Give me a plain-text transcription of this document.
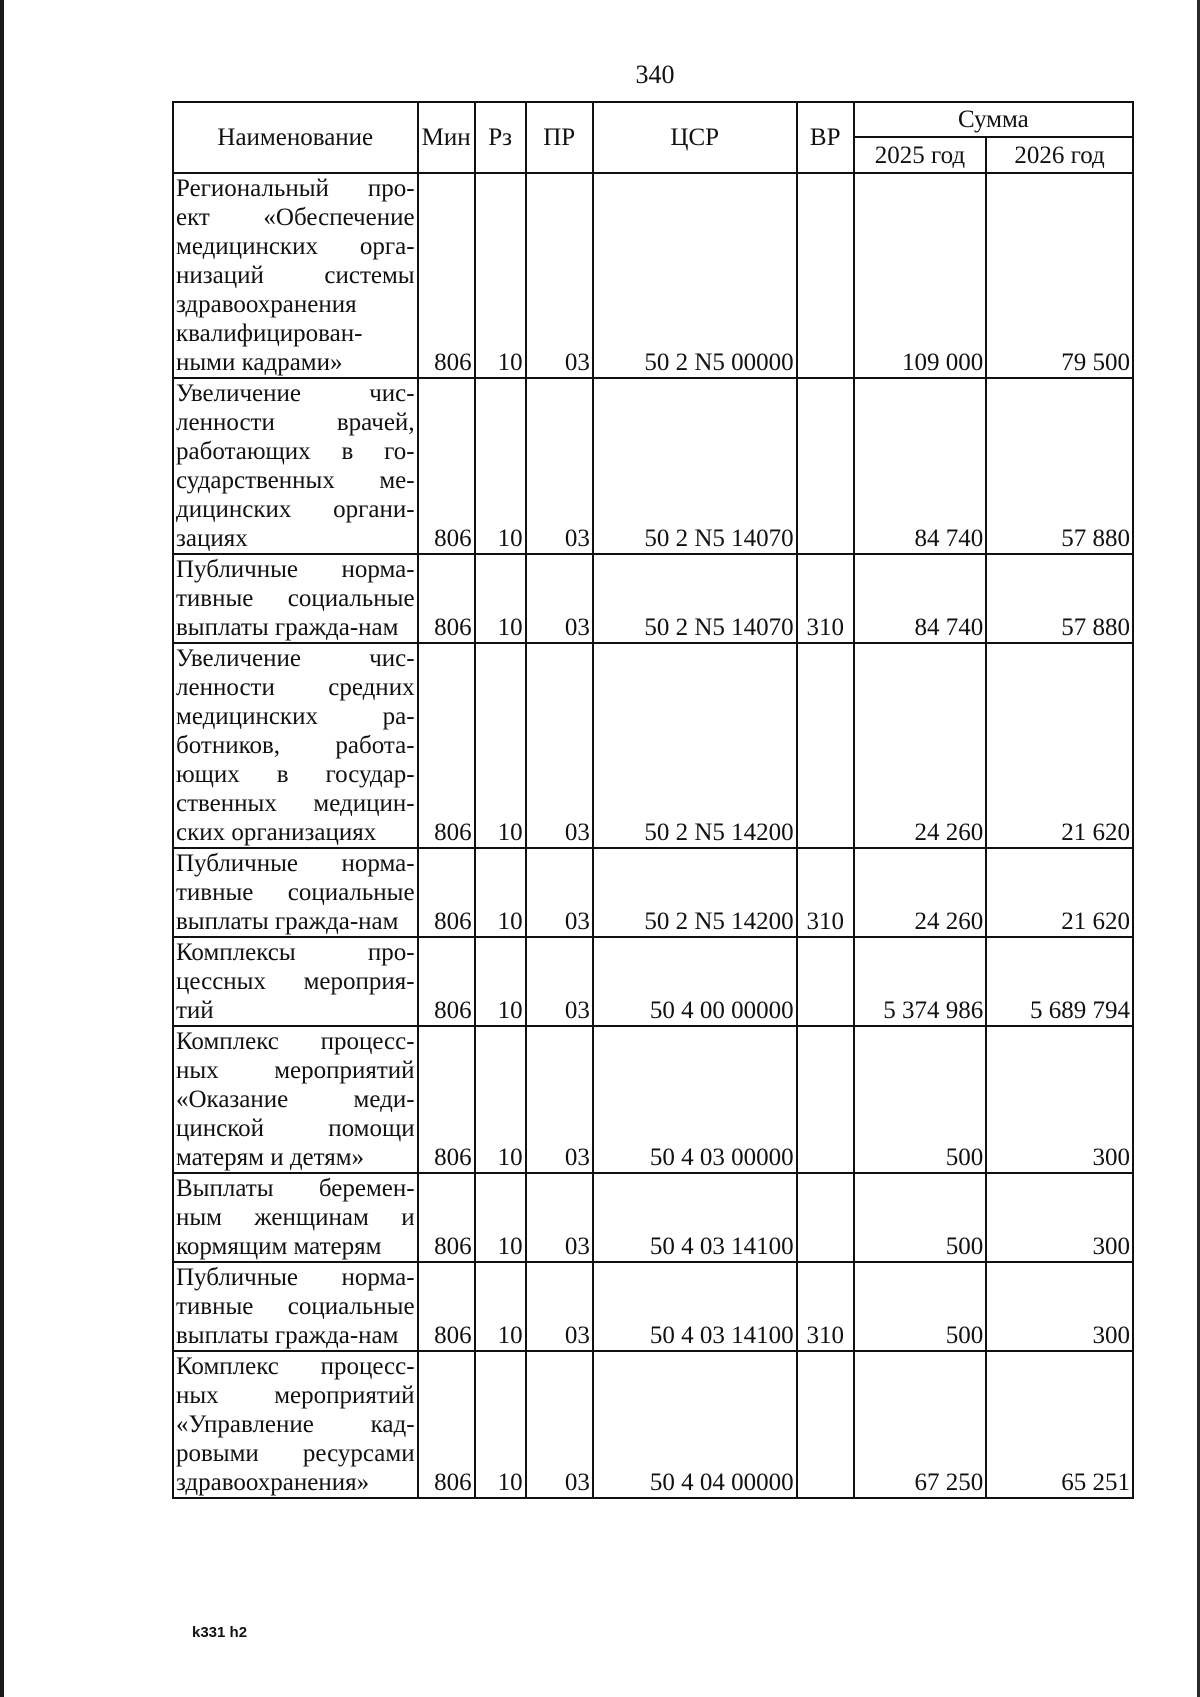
340
Наименование	Мин	Рз	ПР	ЦСР	ВР	Сумма	
						2025 год	2026 год
Региональный про-ект «Обеспечение медицинских орга-низаций системы здравоохранения квалифицирован-ными кадрами»	806	10	03	50 2 N5 00000		109 000	79 500
Увеличение чис-ленности врачей, работающих в го-сударственных ме-дицинских органи-зациях	806	10	03	50 2 N5 14070		84 740	57 880
Публичные норма-тивные социальные выплаты гражда-нам	806	10	03	50 2 N5 14070	310	84 740	57 880
Увеличение чис-ленности средних медицинских ра-ботников, работа-ющих в государ-ственных медицин-ских организациях	806	10	03	50 2 N5 14200		24 260	21 620
Публичные норма-тивные социальные выплаты гражда-нам	806	10	03	50 2 N5 14200	310	24 260	21 620
Комплексы про-цессных мероприя-тий	806	10	03	50 4 00 00000		5 374 986	5 689 794
Комплекс процесс-ных мероприятий «Оказание меди-цинской помощи матерям и детям»	806	10	03	50 4 03 00000		500	300
Выплаты беремен-ным женщинам и кормящим матерям	806	10	03	50 4 03 14100		500	300
Публичные норма-тивные социальные выплаты гражда-нам	806	10	03	50 4 03 14100	310	500	300
Комплекс процесс-ных мероприятий «Управление кад-ровыми ресурсами здравоохранения»	806	10	03	50 4 04 00000		67 250	65 251
k331 h2
